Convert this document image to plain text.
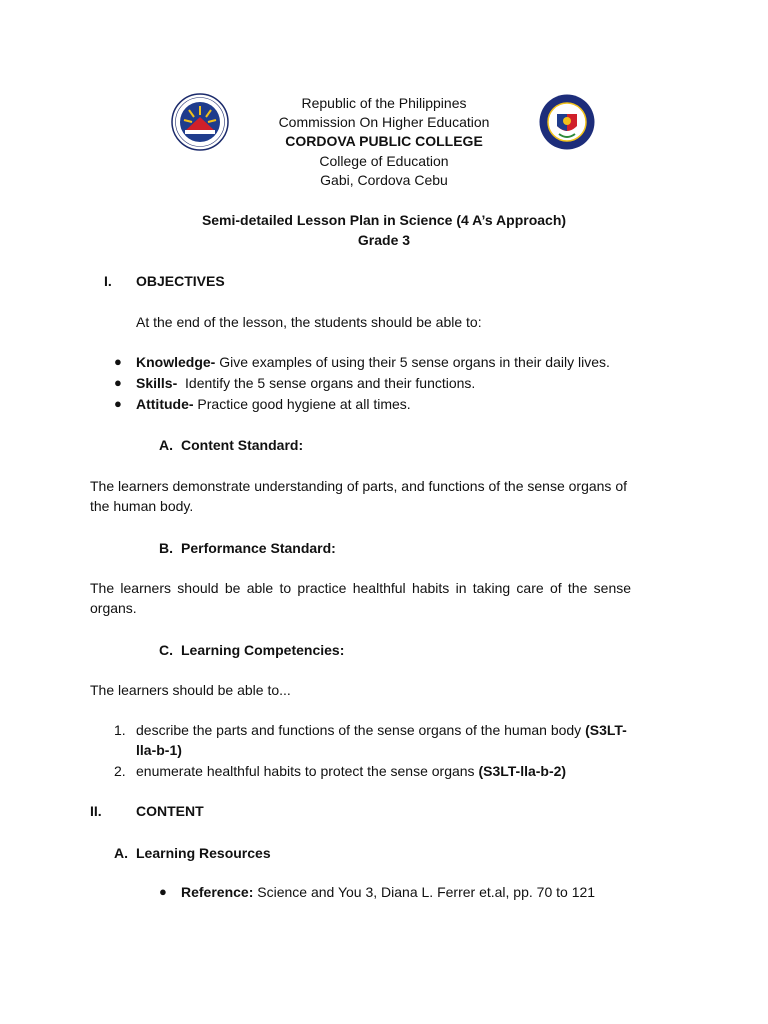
Republic of the Philippines
Commission On Higher Education
CORDOVA PUBLIC COLLEGE
College of Education
Gabi, Cordova Cebu
Semi-detailed Lesson Plan in Science (4 A’s Approach)
Grade 3
I. OBJECTIVES
At the end of the lesson, the students should be able to:
● Knowledge- Give examples of using their 5 sense organs in their daily lives.
● Skills-  Identify the 5 sense organs and their functions.
● Attitude- Practice good hygiene at all times.
A. Content Standard:
The learners demonstrate understanding of parts, and functions of the sense organs of
the human body.
B. Performance Standard:
The learners should be able to practice healthful habits in taking care of the sense
organs.
C. Learning Competencies:
The learners should be able to...
1. describe the parts and functions of the sense organs of the human body (S3LT-
lla-b-1)
2. enumerate healthful habits to protect the sense organs (S3LT-lla-b-2)
II. CONTENT
A. Learning Resources
● Reference: Science and You 3, Diana L. Ferrer et.al, pp. 70 to 121
